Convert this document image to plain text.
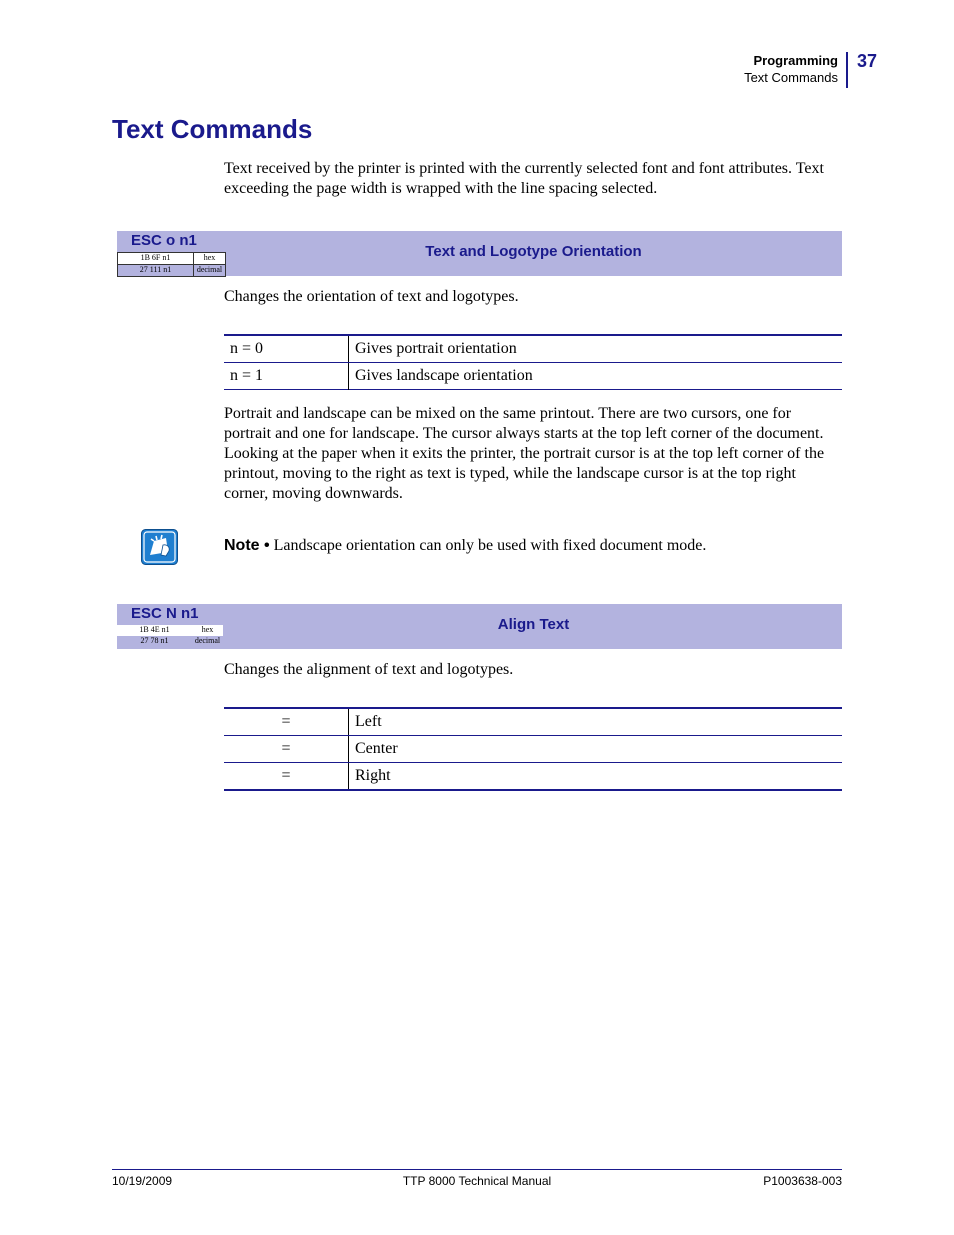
Programming
Text Commands
37
Text Commands

Text received by the printer is printed with the currently selected font and font attributes. Text exceeding the page width is wrapped with the line spacing selected.

ESC o n1
1B 6F n1	hex
27 111 n1	decimal
Text and Logotype Orientation

Changes the orientation of text and logotypes.

n = 0	Gives portrait orientation
n = 1	Gives landscape orientation

Portrait and landscape can be mixed on the same printout. There are two cursors, one for portrait and one for landscape. The cursor always starts at the top left corner of the document. Looking at the paper when it exits the printer, the portrait cursor is at the top left corner of the printout, moving to the right as text is typed, while the landscape cursor is at the top right corner, moving downwards.

Note • Landscape orientation can only be used with fixed document mode.

ESC N n1
1B 4E n1	hex
27 78 n1	decimal
Align Text

Changes the alignment of text and logotypes.

=	Left
=	Center
=	Right
TTP 8000 Technical Manual
10/19/2009	P1003638-003
